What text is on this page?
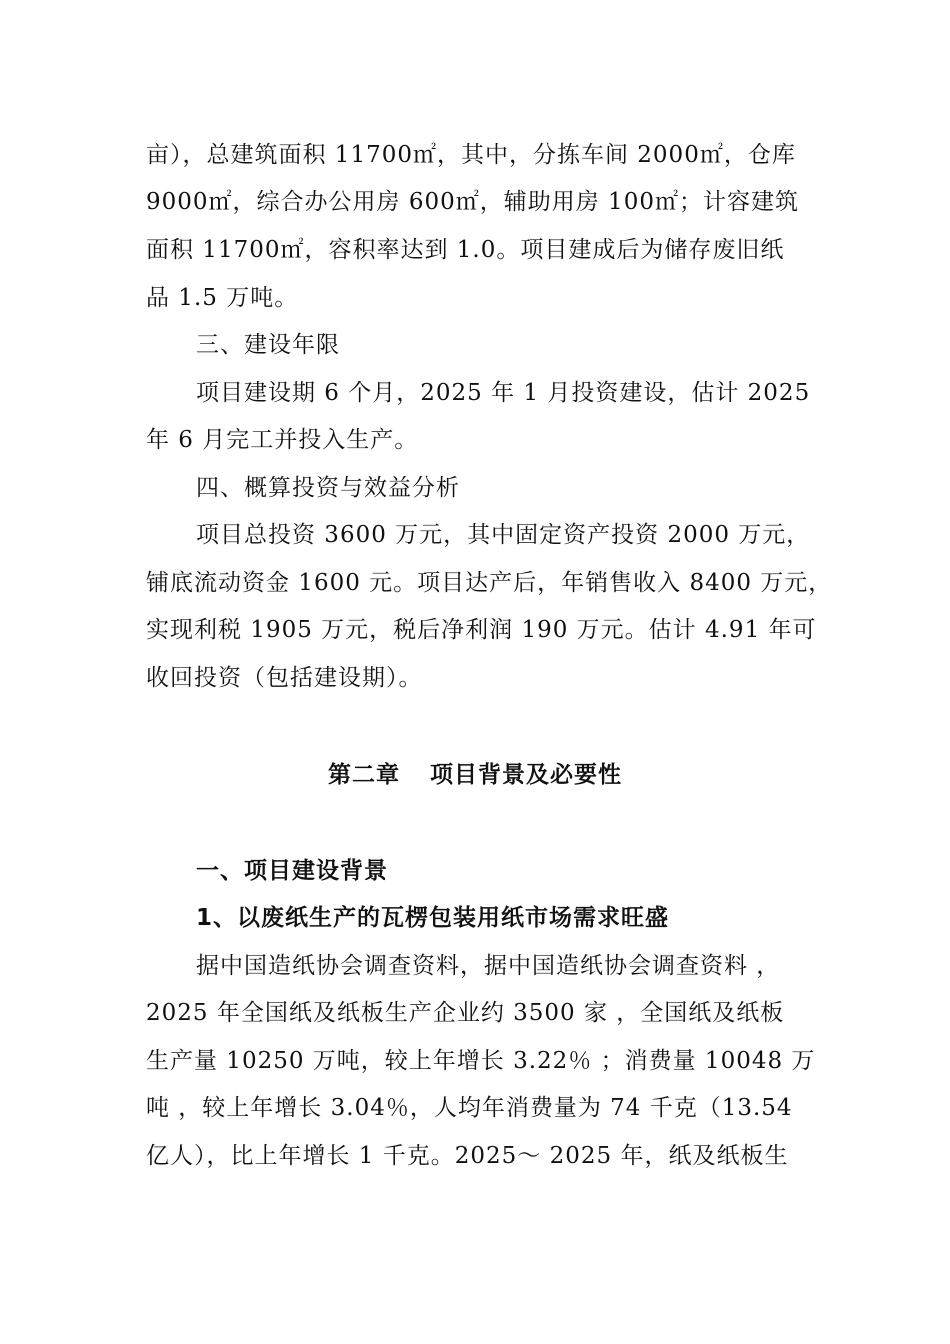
亩），总建筑面积 11700㎡，其中，分拣车间 2000㎡，仓库
9000㎡，综合办公用房 600㎡，辅助用房 100㎡；计容建筑
面积 11700㎡，容积率达到 1.0。项目建成后为储存废旧纸
品 1.5 万吨。
三、建设年限
项目建设期 6 个月，2025 年 1 月投资建设，估计 2025
年 6 月完工并投入生产。
四、概算投资与效益分析
项目总投资 3600 万元，其中固定资产投资 2000 万元，
铺底流动资金 1600 元。项目达产后，年销售收入 8400 万元，
实现利税 1905 万元，税后净利润 190 万元。估计 4.91 年可
收回投资（包括建设期）。
第二章 项目背景及必要性
一、项目建设背景
1、以废纸生产的瓦楞包装用纸市场需求旺盛
据中国造纸协会调查资料，据中国造纸协会调查资料 ，
2025 年全国纸及纸板生产企业约 3500 家 ，全国纸及纸板
生产量 10250 万吨，较上年增长 3.22％ ；消费量 10048 万
吨 ，较上年增长 3.04％，人均年消费量为 74 千克（13.54
亿人），比上年增长 1 千克。2025～ 2025 年，纸及纸板生
